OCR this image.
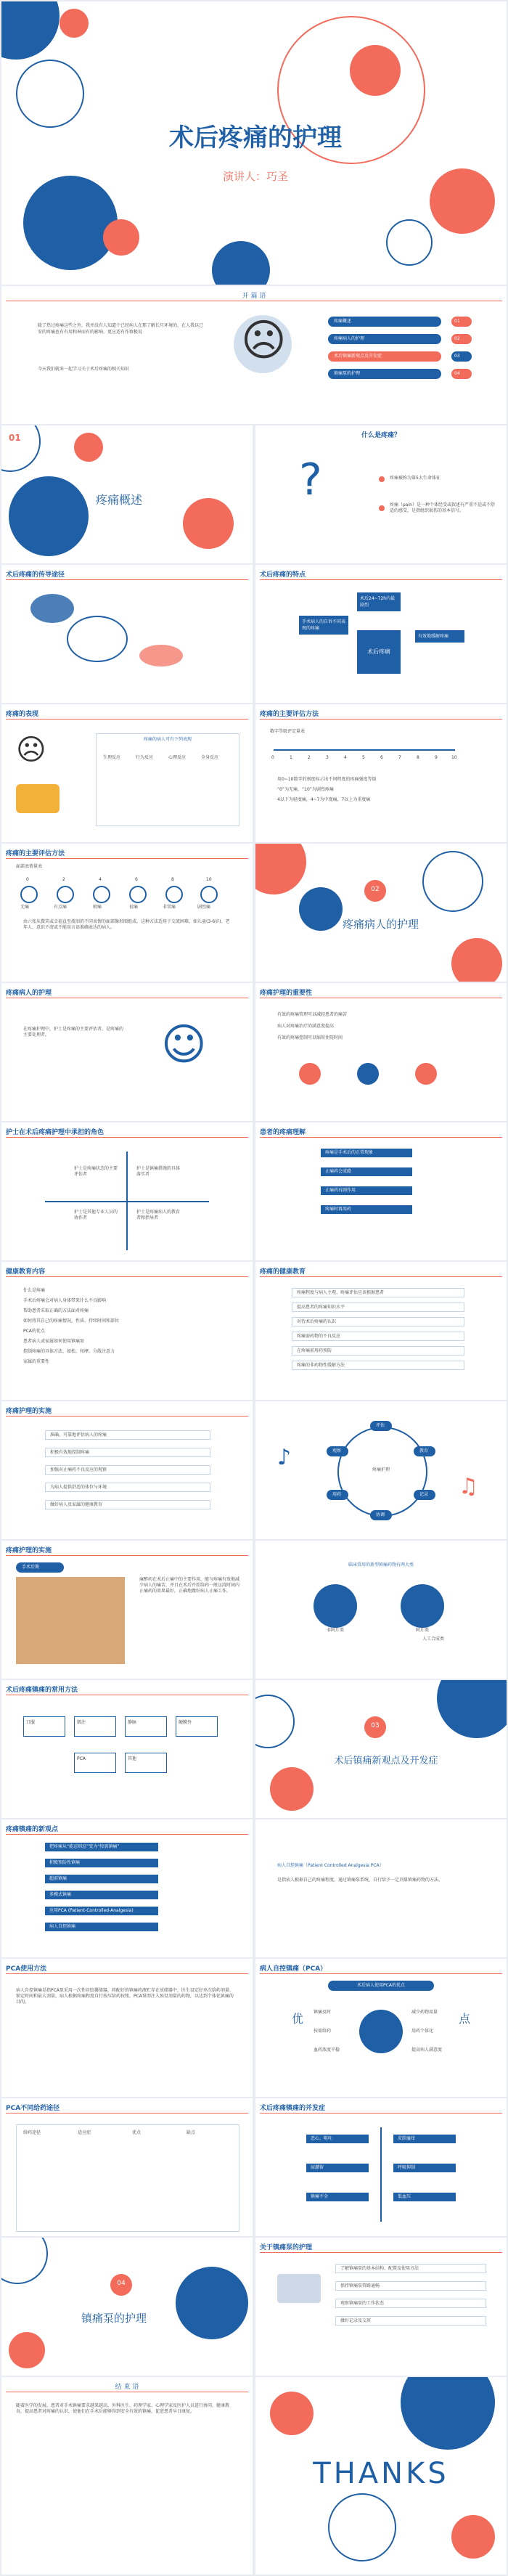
术后疼痛的护理
演讲人：巧圣
开 篇 语
除了热过疼痛这些之外，我并没有人知道个已经病人在那了解长月环境的，在人我以已安的疼痛也有有用和神而有的影响，更应适有作察极说
今天我们就来一起学习关于术后疼痛的相关知识
☹	疼痛概述	01
疼痛病人的护理	02
术后镇痛新观点及开发症	03
镇痛泵的护理	04
01
疼痛概述
什么是疼痛？
?	疼痛被称为第5大生命体征
疼痛（pain）是一种个体经受或叙述有严重不适或不舒适的感受，是指组织损伤的基本信号。
术后疼痛的传导途径	术后疼痛的特点
术后疼痛
术后24~72h内最剧烈
手术病人的自诉不同表现的疼痛
有效地缓解疼痛
疼痛的表现
☹	疼痛的病人可有下列表现
生理反应	行为反应	心理反应	全身反应
疼痛的主要评估方法
数字等级评定量表
0	1	2	3	4	5	6	7	8	9	10
用0~10数字的刻度标示出不同程度的疼痛强度等级
“0”为无痛，“10”为剧烈疼痛
4以下为轻度痛，4~7为中度痛，7以上为重度痛
疼痛的主要评估方法
面部表情量表
0	2	4	6	8	10
无痛	有点痛	稍痛	很痛	非常痛	剧烈痛
由六张从微笑或幸福直至流泪的不同表情的面部像形图组成。这种方法适用于交流困难，如儿童(3-6岁)、老年人、意识不清或不能用言语准确表达的病人。
02
疼痛病人的护理
疼痛病人的护理
在疼痛护理中，护士是疼痛的主要评估者，是疼痛的主要处理者。	☺
疼痛护理的重要性
有效的疼痛管理可以减轻患者的痛苦
病人对疼痛治疗的满意度提高
有效的疼痛控制可以缩短住院时间
护士在术后疼痛护理中承担的角色
护士是疼痛状态的主要评估者
护士是镇痛措施的具体落实者
护士是其他专业人员的协作者
护士是疼痛病人的教育者和指导者
患者的疼痛理解
疼痛是手术后的正常现象
止痛药会成瘾
止痛药有副作用
疼痛时再用药
健康教育内容
什么是疼痛
手术后疼痛会对病人身体带来什么不良影响
帮助患者采取正确的方法面对疼痛
如何将其自己的疼痛情况，性质、持续时间和部位
PCA的优点
患者病人或家属如何使用镇痛泵
控制疼痛的具体方法，如松、按摩、分散注意力
家属的重要性
疼痛的健康教育
疼痛程度与病人主观、疼痛评估应该根据患者
提高患者的疼痛知识水平
对待术后疼痛的认识
疼痛需药物的不良反应
在疼痛前用药预防
疼痛的非药物性缓解方法
疼痛护理的实施
准确、可靠地评估病人的疼痛
积极有效地控制疼痛
加强对止痛药不良反应的观察
为病人提供舒适的体位与环境
做好病人及家属的健康教育
疼痛护理
评估
教育
记录
协调
用药
观察
♪
♫
疼痛护理的实施
手术后期
麻醉药在术后止痛中的主要作用，能与疼痛有效地减少病人的痛苦，并且在术后开始给药一般这段时间内止痛药的效果最好，正确地做好病人止痛工作。
临床常用的新型镇痛药物有两大类
非阿片类	阿片类
人工合成类
术后疼痛镇痛的常用方法
口服	肌注	静脉	硬膜外
PCA	其他
03
术后镇痛新观点及开发症
疼痛镇痛的新观点
把疼痛从“能忍则忍”变为“按需镇痛”
积极预防性镇痛
超前镇痛
多模式镇痛
应用PCA (Patient-Controlled-Analgesia)
病人自控镇痛
病人自控镇痛（Patient Controlled Analgesia PCA）
是指病人根据自己的疼痛程度，通过镇痛泵系统，自行给予一定剂量镇痛药物的方法。
PCA使用方法
病人自控镇痛是指PCA泵采用一次性硅胶囊储器，将配好的镇痛药液贮存在该储器中，医生设定好单次给药剂量、锁定时间和最大剂量，病人根据疼痛程度自行按压给药按钮，PCA泵即注入预设剂量的药物，以达到个体化镇痛的目的。
病人自控镇痛（PCA）
术后病人使用PCA的优点
优	点
镇痛及时
按需给药
血药浓度平稳
减少药物用量
用药个体化
提高病人满意度
PCA不同给药途径
给药途径	适应症	优点	缺点
术后疼痛镇痛的并发症
恶心、呕吐	皮肤瘙痒
尿潴留	呼吸抑制
镇痛不全	低血压
关于镇痛泵的护理
了解镇痛泵的基本结构、配置及使用方法
保持镇痛泵管路通畅
观察镇痛泵的工作状态
做好记录及交班
04
镇痛泵的护理
结 束 语
随着医学的发展，患者对手术镇痛要求越来越高，外科医生、药理学家、心理学家及医护人员进行协同，健康教育，提高患者对疼痛的认识，使他们在手术后能够得到安全有效的镇痛，促进患者早日康复。
THANKS
